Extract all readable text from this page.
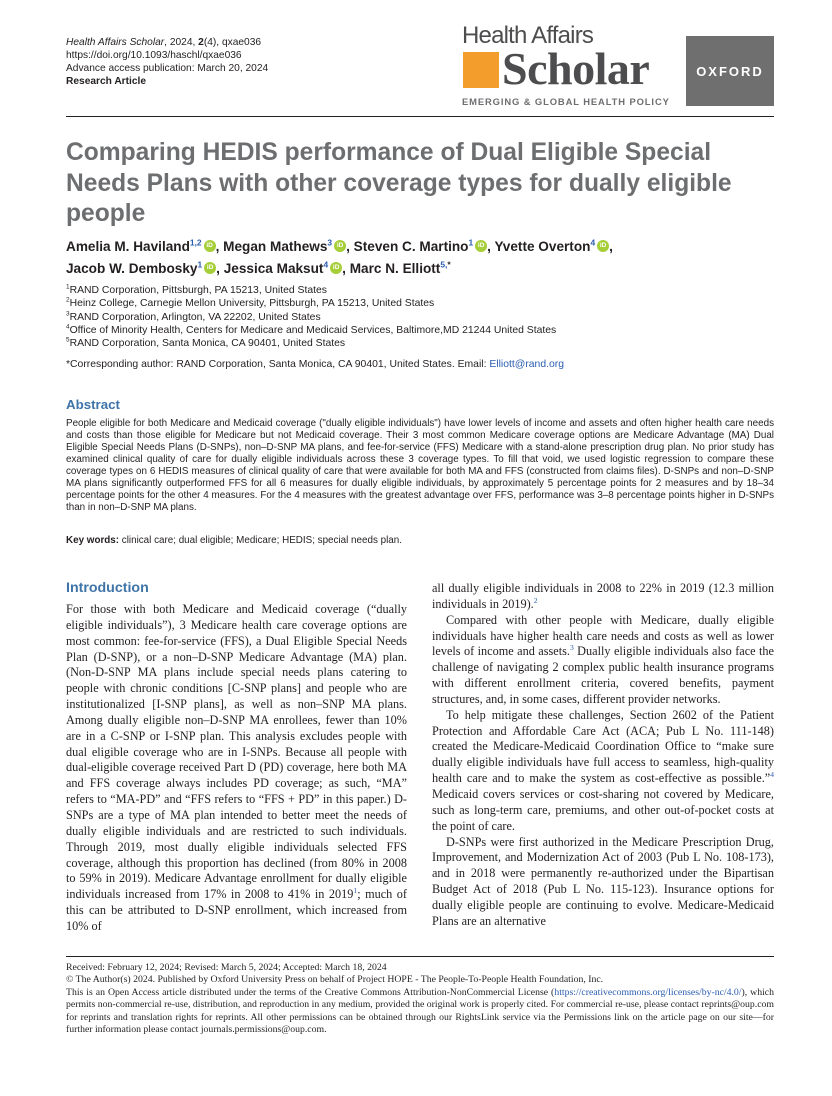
Health Affairs Scholar, 2024, 2(4), qxae036
https://doi.org/10.1093/haschl/qxae036
Advance access publication: March 20, 2024
Research Article
Health Affairs
Scholar
EMERGING & GLOBAL HEALTH POLICY
OXFORD
Comparing HEDIS performance of Dual Eligible Special Needs Plans with other coverage types for dually eligible people
Amelia M. Haviland$^{1,2}$ iD , Megan Mathews$^3$ iD , Steven C. Martino$^1$ iD , Yvette Overton$^4$ iD ,
Jacob W. Dembosky$^1$ iD , Jessica Maksut$^4$ iD , Marc N. Elliott$^{5,*}$
$^1$RAND Corporation, Pittsburgh, PA 15213, United States
$^2$Heinz College, Carnegie Mellon University, Pittsburgh, PA 15213, United States
$^3$RAND Corporation, Arlington, VA 22202, United States
$^4$Office of Minority Health, Centers for Medicare and Medicaid Services, Baltimore,MD 21244 United States
$^5$RAND Corporation, Santa Monica, CA 90401, United States
*Corresponding author: RAND Corporation, Santa Monica, CA 90401, United States. Email: Elliott@rand.org
Abstract
People eligible for both Medicare and Medicaid coverage ("dually eligible individuals") have lower levels of income and assets and often higher health care needs and costs than those eligible for Medicare but not Medicaid coverage. Their 3 most common Medicare coverage options are Medicare Advantage (MA) Dual Eligible Special Needs Plans (D-SNPs), non–D-SNP MA plans, and fee-for-service (FFS) Medicare with a stand-alone prescription drug plan. No prior study has examined clinical quality of care for dually eligible individuals across these 3 coverage types. To fill that void, we used logistic regression to compare these coverage types on 6 HEDIS measures of clinical quality of care that were available for both MA and FFS (constructed from claims files). D-SNPs and non–D-SNP MA plans significantly outperformed FFS for all 6 measures for dually eligible individuals, by approximately 5 percentage points for 2 measures and by 18–34 percentage points for the other 4 measures. For the 4 measures with the greatest advantage over FFS, performance was 3–8 percentage points higher in D-SNPs than in non–D-SNP MA plans.
Key words: clinical care; dual eligible; Medicare; HEDIS; special needs plan.
Introduction

For those with both Medicare and Medicaid coverage (“dually eligible individuals”), 3 Medicare health care coverage options are most common: fee-for-service (FFS), a Dual Eligible Special Needs Plan (D-SNP), or a non–D-SNP Medicare Advantage (MA) plan. (Non-D-SNP MA plans include special needs plans catering to people with chronic conditions [C-SNP plans] and people who are institutionalized [I-SNP plans], as well as non–SNP MA plans. Among dually eligible non–D-SNP MA enrollees, fewer than 10% are in a C-SNP or I-SNP plan. This analysis excludes people with dual eligible coverage who are in I-SNPs. Because all people with dual-eligible coverage received Part D (PD) coverage, here both MA and FFS coverage always includes PD coverage; as such, “MA” refers to “MA-PD” and “FFS refers to “FFS + PD” in this paper.) D-SNPs are a type of MA plan intended to better meet the needs of dually eligible individuals and are restricted to such individuals. Through 2019, most dually eligible individuals selected FFS coverage, although this proportion has declined (from 80% in 2008 to 59% in 2019). Medicare Advantage enrollment for dually eligible individuals increased from 17% in 2008 to 41% in 2019$^1$; much of this can be attributed to D-SNP enrollment, which increased from 10% of

all dually eligible individuals in 2008 to 22% in 2019 (12.3 million individuals in 2019).$^2$

Compared with other people with Medicare, dually eligible individuals have higher health care needs and costs as well as lower levels of income and assets.$^3$ Dually eligible individuals also face the challenge of navigating 2 complex public health insurance programs with different enrollment criteria, covered benefits, payment structures, and, in some cases, different provider networks.

To help mitigate these challenges, Section 2602 of the Patient Protection and Affordable Care Act (ACA; Pub L No. 111-148) created the Medicare-Medicaid Coordination Office to “make sure dually eligible individuals have full access to seamless, high-quality health care and to make the system as cost-effective as possible.”$^4$ Medicaid covers services or cost-sharing not covered by Medicare, such as long-term care, premiums, and other out-of-pocket costs at the point of care.

D-SNPs were first authorized in the Medicare Prescription Drug, Improvement, and Modernization Act of 2003 (Pub L No. 108-173), and in 2018 were permanently re-authorized under the Bipartisan Budget Act of 2018 (Pub L No. 115-123). Insurance options for dually eligible people are continuing to evolve. Medicare-Medicaid Plans are an alternative

Received: February 12, 2024; Revised: March 5, 2024; Accepted: March 18, 2024

© The Author(s) 2024. Published by Oxford University Press on behalf of Project HOPE - The People-To-People Health Foundation, Inc.

This is an Open Access article distributed under the terms of the Creative Commons Attribution-NonCommercial License (https://creativecommons.org/licenses/by-nc/4.0/), which permits non-commercial re-use, distribution, and reproduction in any medium, provided the original work is properly cited. For commercial re-use, please contact reprints@oup.com for reprints and translation rights for reprints. All other permissions can be obtained through our RightsLink service via the Permissions link on the article page on our site—for further information please contact journals.permissions@oup.com.
